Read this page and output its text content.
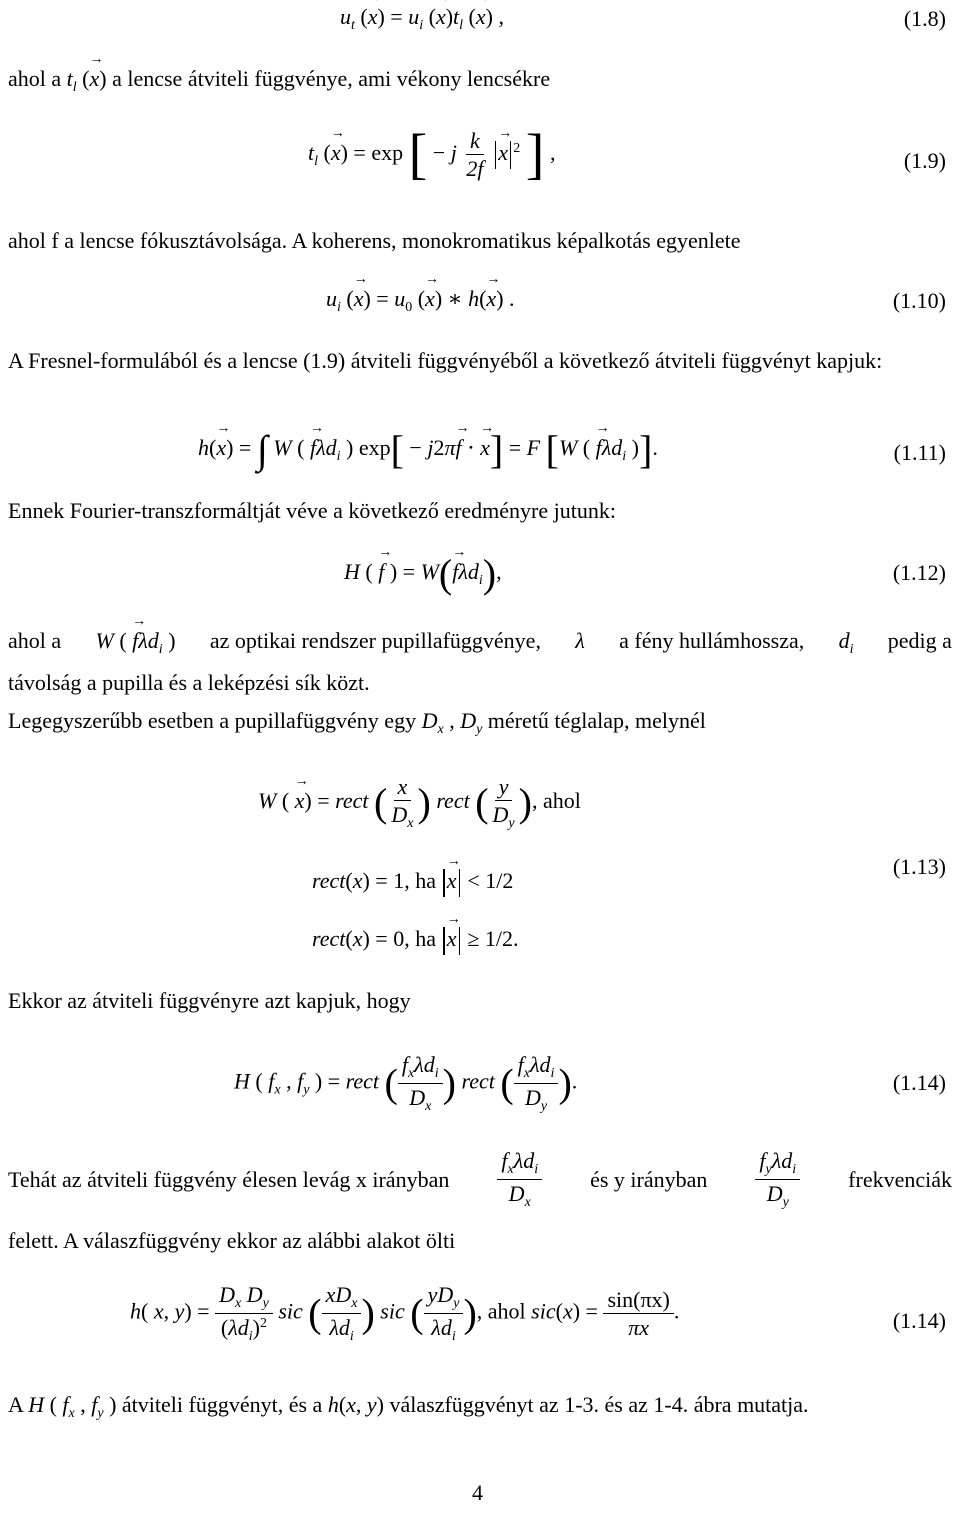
$u_t$ (→ $x) = u_i$ (→ $x)t_l$ (→ x) ,	(1.8)
ahol a $t_l$ (→ x) a lencse átviteli függvénye, ami vékony lencsékre
$t_l$ (→ x) = exp [ − j $\frac{k}{2f}$
→ x $^2$ ] ,	(1.9)
ahol f a lencse fókusztávolsága. A koherens, monokromatikus képalkotás egyenlete
$u_i$ (→ $x) = u_0$ (→ x) ∗ h(→ x) .	(1.10)
A Fresnel-formulából és a lencse (1.9) átviteli függvényéből a következő átviteli függvényt kapjuk:
h(→ x) = ∫ W ( → fλd$_i$ ) exp[ − j2π→ f ⋅ → x] = F [W ( → fλd$_i$ )].	(1.11)
Ennek Fourier-transzformáltját véve a következő eredményre jutunk:
H ( → f ) = W(→ fλd$_i$),	(1.12)
ahol a W ( → fλd$_i$ ) az optikai rendszer pupillafüggvénye, λ a fény hullámhossza, $d_i$ pedig a
távolság a pupilla és a leképzési sík közt.
Legegyszerűbb esetben a pupillafüggvény egy $D_x$ , $D_y$ méretű téglalap, melynél
W ( → x) = rect ( $\frac{x}{D_x}$ ) rect ( $\frac{y}{D_y}$ ), ahol
rect(x) = 1, ha → x < 1/2
rect(x) = 0, ha → x ≥ 1/2.
(1.13)
Ekkor az átviteli függvényre azt kapjuk, hogy
H ( $f_x$ , $f_y$ ) = rect ( $\frac{f_x\lambda d_i}{D_x}$ ) rect ( $\frac{f_x\lambda d_i}{D_y}$ ).	(1.14)
Tehát az átviteli függvény élesen levág x irányban $\frac{f_x\lambda d_i}{D_x}$ és y irányban $\frac{f_y\lambda d_i}{D_y}$ frekvenciák
felett. A válaszfüggvény ekkor az alábbi alakot ölti
h( x, $y) = \frac{D_x D_y}{(\lambda d_i)^2}$ sic ( $\frac{xD_x}{\lambda d_i}$ ) sic ( $\frac{yD_y}{\lambda d_i}$ ), ahol $sic(x) = \frac{\sin(\pi x)}{\pi x}$ .	(1.14)
A H ( $f_x$ , $f_y$ ) átviteli függvényt, és a h(x, y) válaszfüggvényt az 1-3. és az 1-4. ábra mutatja.
4
